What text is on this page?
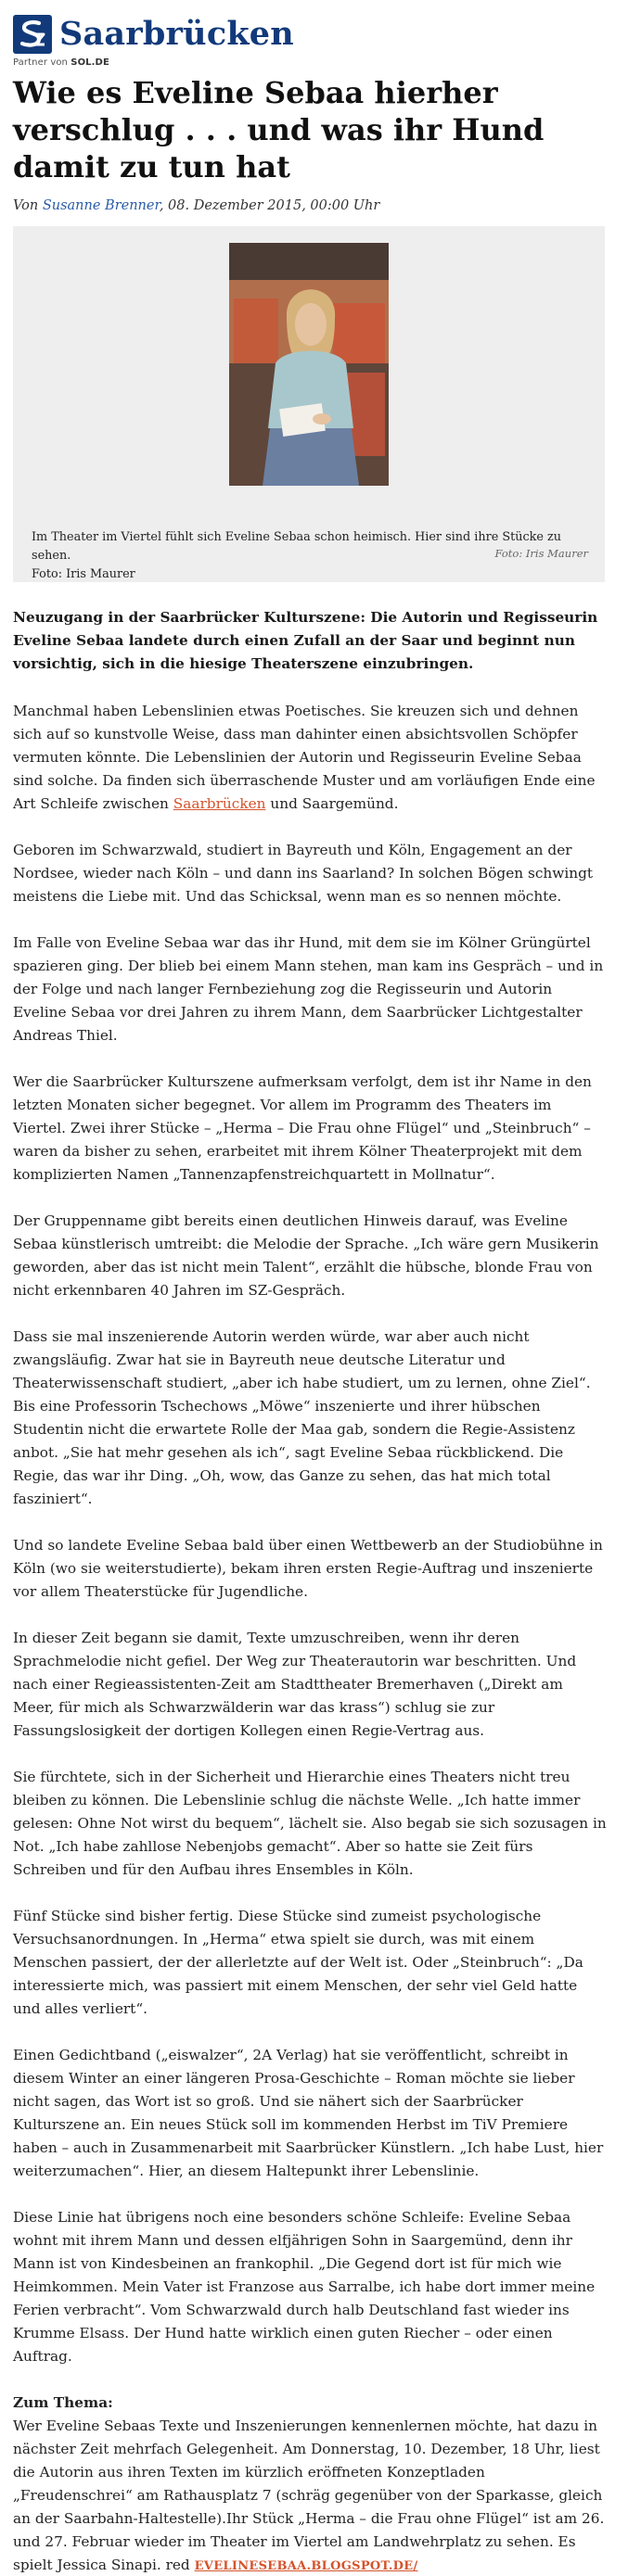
Saarbrücken
Partner von SOL.DE
Wie es Eveline Sebaa hierher verschlug . . . und was ihr Hund damit zu tun hat
Von Susanne Brenner, 08. Dezember 2015, 00:00 Uhr
Im Theater im Viertel fühlt sich Eveline Sebaa schon heimisch. Hier sind ihre Stücke zu sehen.
Foto: Iris Maurer
Foto: Iris Maurer

Neuzugang in der Saarbrücker Kulturszene: Die Autorin und Regisseurin Eveline Sebaa landete durch einen Zufall an der Saar und beginnt nun vorsichtig, sich in die hiesige Theaterszene einzubringen.

Manchmal haben Lebenslinien etwas Poetisches. Sie kreuzen sich und dehnen sich auf so kunstvolle Weise, dass man dahinter einen absichtsvollen Schöpfer vermuten könnte. Die Lebenslinien der Autorin und Regisseurin Eveline Sebaa sind solche. Da finden sich überraschende Muster und am vorläufigen Ende eine Art Schleife zwischen Saarbrücken und Saargemünd.

Geboren im Schwarzwald, studiert in Bayreuth und Köln, Engagement an der Nordsee, wieder nach Köln – und dann ins Saarland? In solchen Bögen schwingt meistens die Liebe mit. Und das Schicksal, wenn man es so nennen möchte.

Im Falle von Eveline Sebaa war das ihr Hund, mit dem sie im Kölner Grüngürtel spazieren ging. Der blieb bei einem Mann stehen, man kam ins Gespräch – und in der Folge und nach langer Fernbeziehung zog die Regisseurin und Autorin Eveline Sebaa vor drei Jahren zu ihrem Mann, dem Saarbrücker Lichtgestalter Andreas Thiel.

Wer die Saarbrücker Kulturszene aufmerksam verfolgt, dem ist ihr Name in den letzten Monaten sicher begegnet. Vor allem im Programm des Theaters im Viertel. Zwei ihrer Stücke – „Herma – Die Frau ohne Flügel“ und „Steinbruch“ – waren da bisher zu sehen, erarbeitet mit ihrem Kölner Theaterprojekt mit dem komplizierten Namen „Tannenzapfenstreichquartett in Mollnatur“.

Der Gruppenname gibt bereits einen deutlichen Hinweis darauf, was Eveline Sebaa künstlerisch umtreibt: die Melodie der Sprache. „Ich wäre gern Musikerin geworden, aber das ist nicht mein Talent“, erzählt die hübsche, blonde Frau von nicht erkennbaren 40 Jahren im SZ-Gespräch.

Dass sie mal inszenierende Autorin werden würde, war aber auch nicht zwangsläufig. Zwar hat sie in Bayreuth neue deutsche Literatur und Theaterwissenschaft studiert, „aber ich habe studiert, um zu lernen, ohne Ziel“. Bis eine Professorin Tschechows „Möwe“ inszenierte und ihrer hübschen Studentin nicht die erwartete Rolle der Maa gab, sondern die Regie-Assistenz anbot. „Sie hat mehr gesehen als ich“, sagt Eveline Sebaa rückblickend. Die Regie, das war ihr Ding. „Oh, wow, das Ganze zu sehen, das hat mich total fasziniert“.

Und so landete Eveline Sebaa bald über einen Wettbewerb an der Studiobühne in Köln (wo sie weiterstudierte), bekam ihren ersten Regie-Auftrag und inszenierte vor allem Theaterstücke für Jugendliche.

In dieser Zeit begann sie damit, Texte umzuschreiben, wenn ihr deren Sprachmelodie nicht gefiel. Der Weg zur Theaterautorin war beschritten. Und nach einer Regieassistenten-Zeit am Stadttheater Bremerhaven („Direkt am Meer, für mich als Schwarzwälderin war das krass“) schlug sie zur Fassungslosigkeit der dortigen Kollegen einen Regie-Vertrag aus.

Sie fürchtete, sich in der Sicherheit und Hierarchie eines Theaters nicht treu bleiben zu können. Die Lebenslinie schlug die nächste Welle. „Ich hatte immer gelesen: Ohne Not wirst du bequem“, lächelt sie. Also begab sie sich sozusagen in Not. „Ich habe zahllose Nebenjobs gemacht“. Aber so hatte sie Zeit fürs Schreiben und für den Aufbau ihres Ensembles in Köln.

Fünf Stücke sind bisher fertig. Diese Stücke sind zumeist psychologische Versuchsanordnungen. In „Herma“ etwa spielt sie durch, was mit einem Menschen passiert, der der allerletzte auf der Welt ist. Oder „Steinbruch“: „Da interessierte mich, was passiert mit einem Menschen, der sehr viel Geld hatte und alles verliert“.

Einen Gedichtband („eiswalzer“, 2A Verlag) hat sie veröffentlicht, schreibt in diesem Winter an einer längeren Prosa-Geschichte – Roman möchte sie lieber nicht sagen, das Wort ist so groß. Und sie nähert sich der Saarbrücker Kulturszene an. Ein neues Stück soll im kommenden Herbst im TiV Premiere haben – auch in Zusammenarbeit mit Saarbrücker Künstlern. „Ich habe Lust, hier weiterzumachen“. Hier, an diesem Haltepunkt ihrer Lebenslinie.

Diese Linie hat übrigens noch eine besonders schöne Schleife: Eveline Sebaa wohnt mit ihrem Mann und dessen elfjährigen Sohn in Saargemünd, denn ihr Mann ist von Kindesbeinen an frankophil. „Die Gegend dort ist für mich wie Heimkommen. Mein Vater ist Franzose aus Sarralbe, ich habe dort immer meine Ferien verbracht“. Vom Schwarzwald durch halb Deutschland fast wieder ins Krumme Elsass. Der Hund hatte wirklich einen guten Riecher – oder einen Auftrag.

Zum Thema:
Wer Eveline Sebaas Texte und Inszenierungen kennenlernen möchte, hat dazu in nächster Zeit mehrfach Gelegenheit. Am Donnerstag, 10. Dezember, 18 Uhr, liest die Autorin aus ihren Texten im kürzlich eröffneten Konzeptladen „Freudenschrei“ am Rathausplatz 7 (schräg gegenüber von der Sparkasse, gleich an der Saarbahn-Haltestelle).Ihr Stück „Herma – die Frau ohne Flügel“ ist am 26. und 27. Februar wieder im Theater im Viertel am Landwehrplatz zu sehen. Es spielt Jessica Sinapi. red EVELINESEBAA.BLOGSPOT.DE/
